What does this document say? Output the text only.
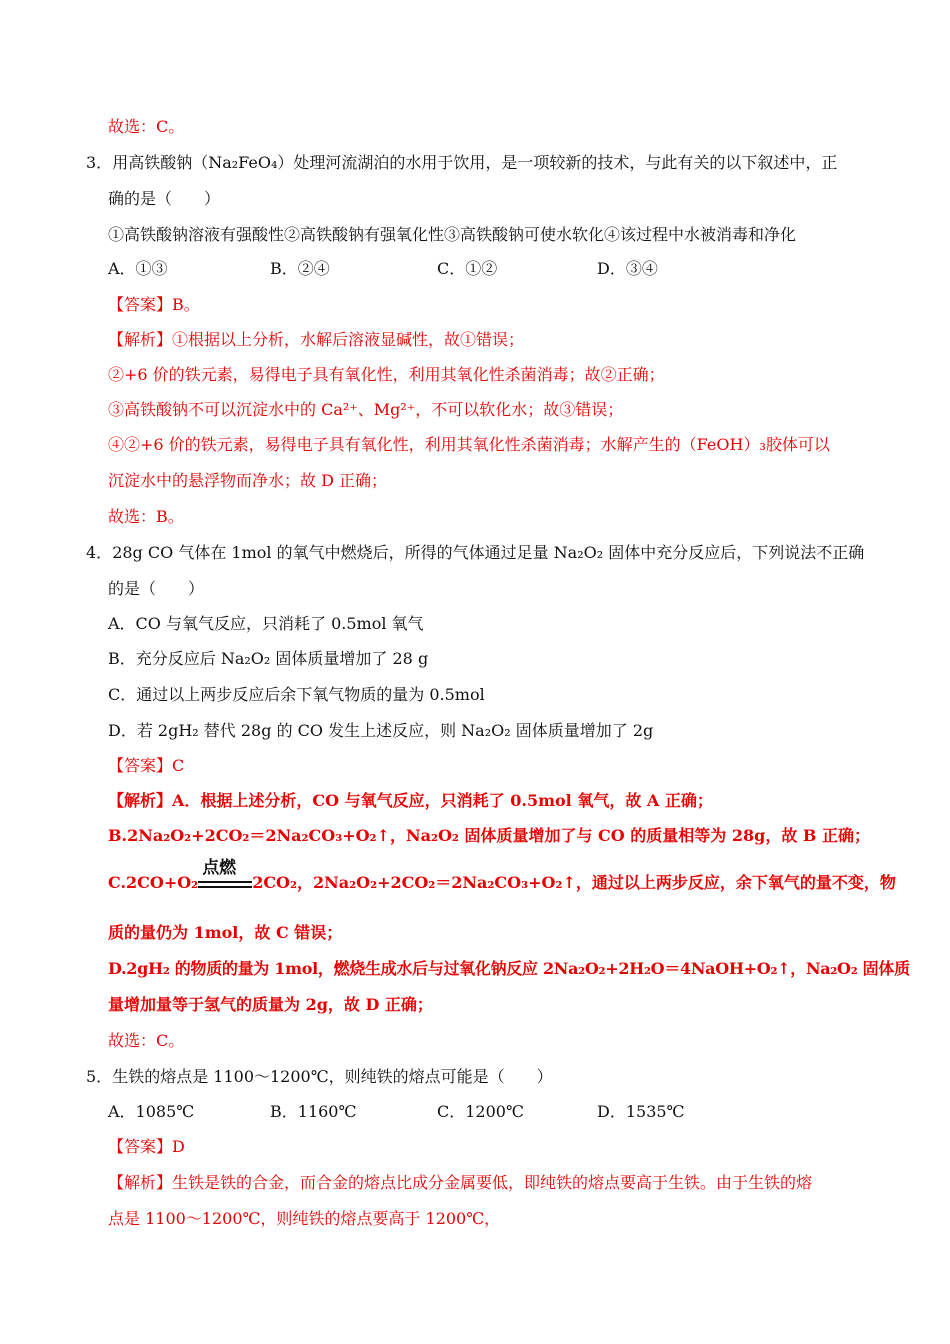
故选：C。
3．用高铁酸钠（Na₂FeO₄）处理河流湖泊的水用于饮用，是一项较新的技术，与此有关的以下叙述中，正
确的是（　　）
①高铁酸钠溶液有强酸性②高铁酸钠有强氧化性③高铁酸钠可使水软化④该过程中水被消毒和净化
A．①③	B．②④	C．①②	D．③④
【答案】B。
【解析】①根据以上分析，水解后溶液显碱性，故①错误；
②+6 价的铁元素，易得电子具有氧化性，利用其氧化性杀菌消毒；故②正确；
③高铁酸钠不可以沉淀水中的 Ca²⁺、Mg²⁺，不可以软化水；故③错误；
④②+6 价的铁元素，易得电子具有氧化性，利用其氧化性杀菌消毒；水解产生的（FeOH）₃胶体可以
沉淀水中的悬浮物而净水；故 D 正确；
故选：B。
4．28g CO 气体在 1mol 的氧气中燃烧后，所得的气体通过足量 Na₂O₂ 固体中充分反应后，下列说法不正确
的是（　　）
A．CO 与氧气反应，只消耗了 0.5mol 氧气
B．充分反应后 Na₂O₂ 固体质量增加了 28 g
C．通过以上两步反应后余下氧气物质的量为 0.5mol
D．若 2gH₂ 替代 28g 的 CO 发生上述反应，则 Na₂O₂ 固体质量增加了 2g
【答案】C
【解析】A．根据上述分析，CO 与氧气反应，只消耗了 0.5mol 氧气，故 A 正确；
B.2Na₂O₂+2CO₂＝2Na₂CO₃+O₂↑，Na₂O₂ 固体质量增加了与 CO 的质量相等为 28g，故 B 正确；
C.2CO+O₂
点燃
2CO₂，2Na₂O₂+2CO₂＝2Na₂CO₃+O₂↑，通过以上两步反应，余下氧气的量不变，物
质的量仍为 1mol，故 C 错误；
D.2gH₂ 的物质的量为 1mol，燃烧生成水后与过氧化钠反应 2Na₂O₂+2H₂O＝4NaOH+O₂↑，Na₂O₂ 固体质
量增加量等于氢气的质量为 2g，故 D 正确；
故选：C。
5．生铁的熔点是 1100～1200℃，则纯铁的熔点可能是（　　）
A．1085℃	B．1160℃	C．1200℃	D．1535℃
【答案】D
【解析】生铁是铁的合金，而合金的熔点比成分金属要低，即纯铁的熔点要高于生铁。由于生铁的熔
点是 1100～1200℃，则纯铁的熔点要高于 1200℃，
